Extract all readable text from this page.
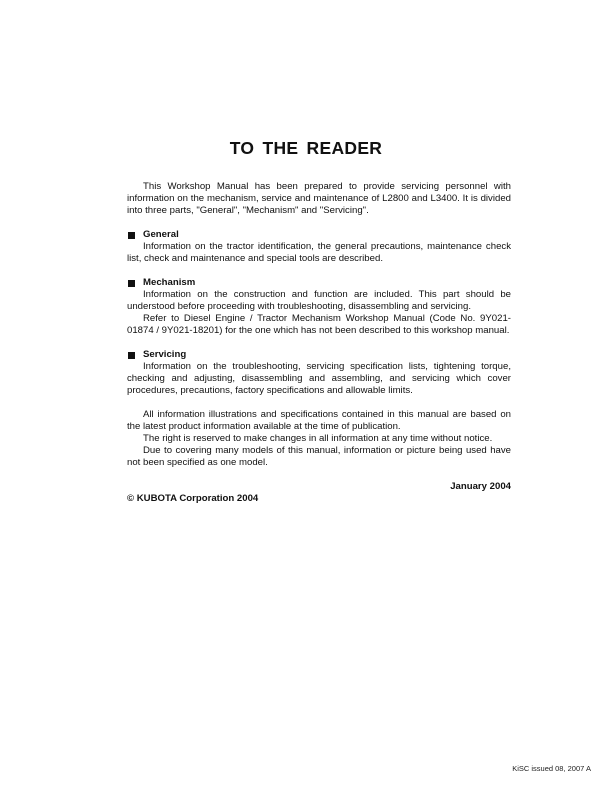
TO THE READER

This Workshop Manual has been prepared to provide servicing personnel with information on the mechanism, service and maintenance of L2800 and L3400. It is divided into three parts, "General", "Mechanism" and "Servicing".

General

Information on the tractor identification, the general precautions, maintenance check list, check and maintenance and special tools are described.

Mechanism

Information on the construction and function are included. This part should be understood before proceeding with troubleshooting, disassembling and servicing.

Refer to Diesel Engine / Tractor Mechanism Workshop Manual (Code No. 9Y021-01874 / 9Y021-18201) for the one which has not been described to this workshop manual.

Servicing

Information on the troubleshooting, servicing specification lists, tightening torque, checking and adjusting, disassembling and assembling, and servicing which cover procedures, precautions, factory specifications and allowable limits.

All information illustrations and specifications contained in this manual are based on the latest product information available at the time of publication.

The right is reserved to make changes in all information at any time without notice.

Due to covering many models of this manual, information or picture being used have not been specified as one model.

January 2004
© KUBOTA Corporation 2004
KiSC issued 08, 2007 A
